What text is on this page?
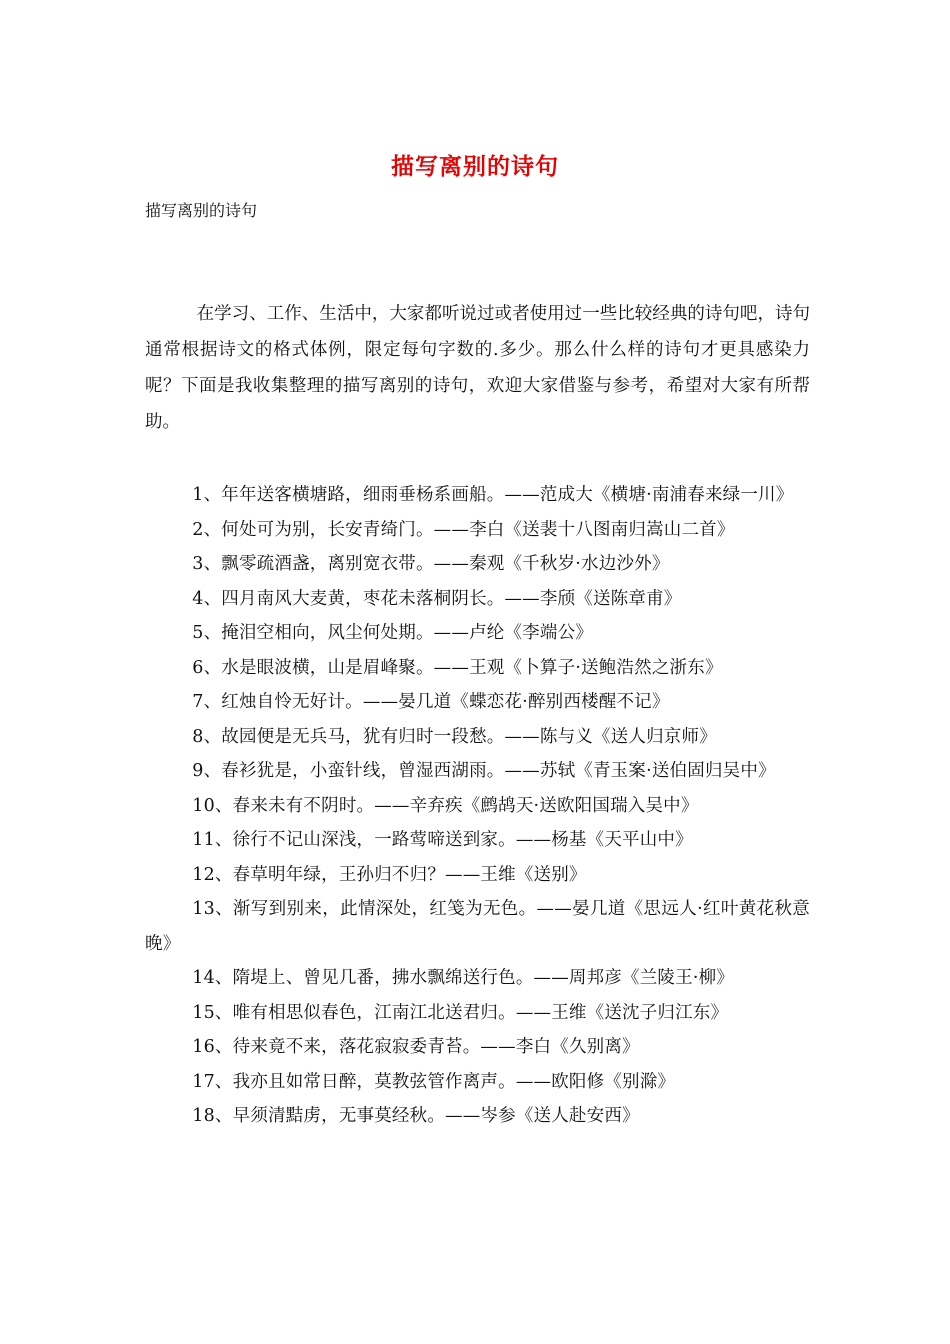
描写离别的诗句
描写离别的诗句

在学习、工作、生活中，大家都听说过或者使用过一些比较经典的诗句吧，诗句通常根据诗文的格式体例，限定每句字数的.多少。那么什么样的诗句才更具感染力呢？下面是我收集整理的描写离别的诗句，欢迎大家借鉴与参考，希望对大家有所帮助。

1、年年送客横塘路，细雨垂杨系画船。——范成大《横塘·南浦春来绿一川》
2、何处可为别，长安青绮门。——李白《送裴十八图南归嵩山二首》
3、飘零疏酒盏，离别宽衣带。——秦观《千秋岁·水边沙外》
4、四月南风大麦黄，枣花未落桐阴长。——李颀《送陈章甫》
5、掩泪空相向，风尘何处期。——卢纶《李端公》
6、水是眼波横，山是眉峰聚。——王观《卜算子·送鲍浩然之浙东》
7、红烛自怜无好计。——晏几道《蝶恋花·醉别西楼醒不记》
8、故园便是无兵马，犹有归时一段愁。——陈与义《送人归京师》
9、春衫犹是，小蛮针线，曾湿西湖雨。——苏轼《青玉案·送伯固归吴中》
10、春来未有不阴时。——辛弃疾《鹧鸪天·送欧阳国瑞入吴中》
11、徐行不记山深浅，一路莺啼送到家。——杨基《天平山中》
12、春草明年绿，王孙归不归？——王维《送别》
13、渐写到别来，此情深处，红笺为无色。——晏几道《思远人·红叶黄花秋意晚》
14、隋堤上、曾见几番，拂水飘绵送行色。——周邦彦《兰陵王·柳》
15、唯有相思似春色，江南江北送君归。——王维《送沈子归江东》
16、待来竟不来，落花寂寂委青苔。——李白《久别离》
17、我亦且如常日醉，莫教弦管作离声。——欧阳修《别滁》
18、早须清黠虏，无事莫经秋。——岑参《送人赴安西》
